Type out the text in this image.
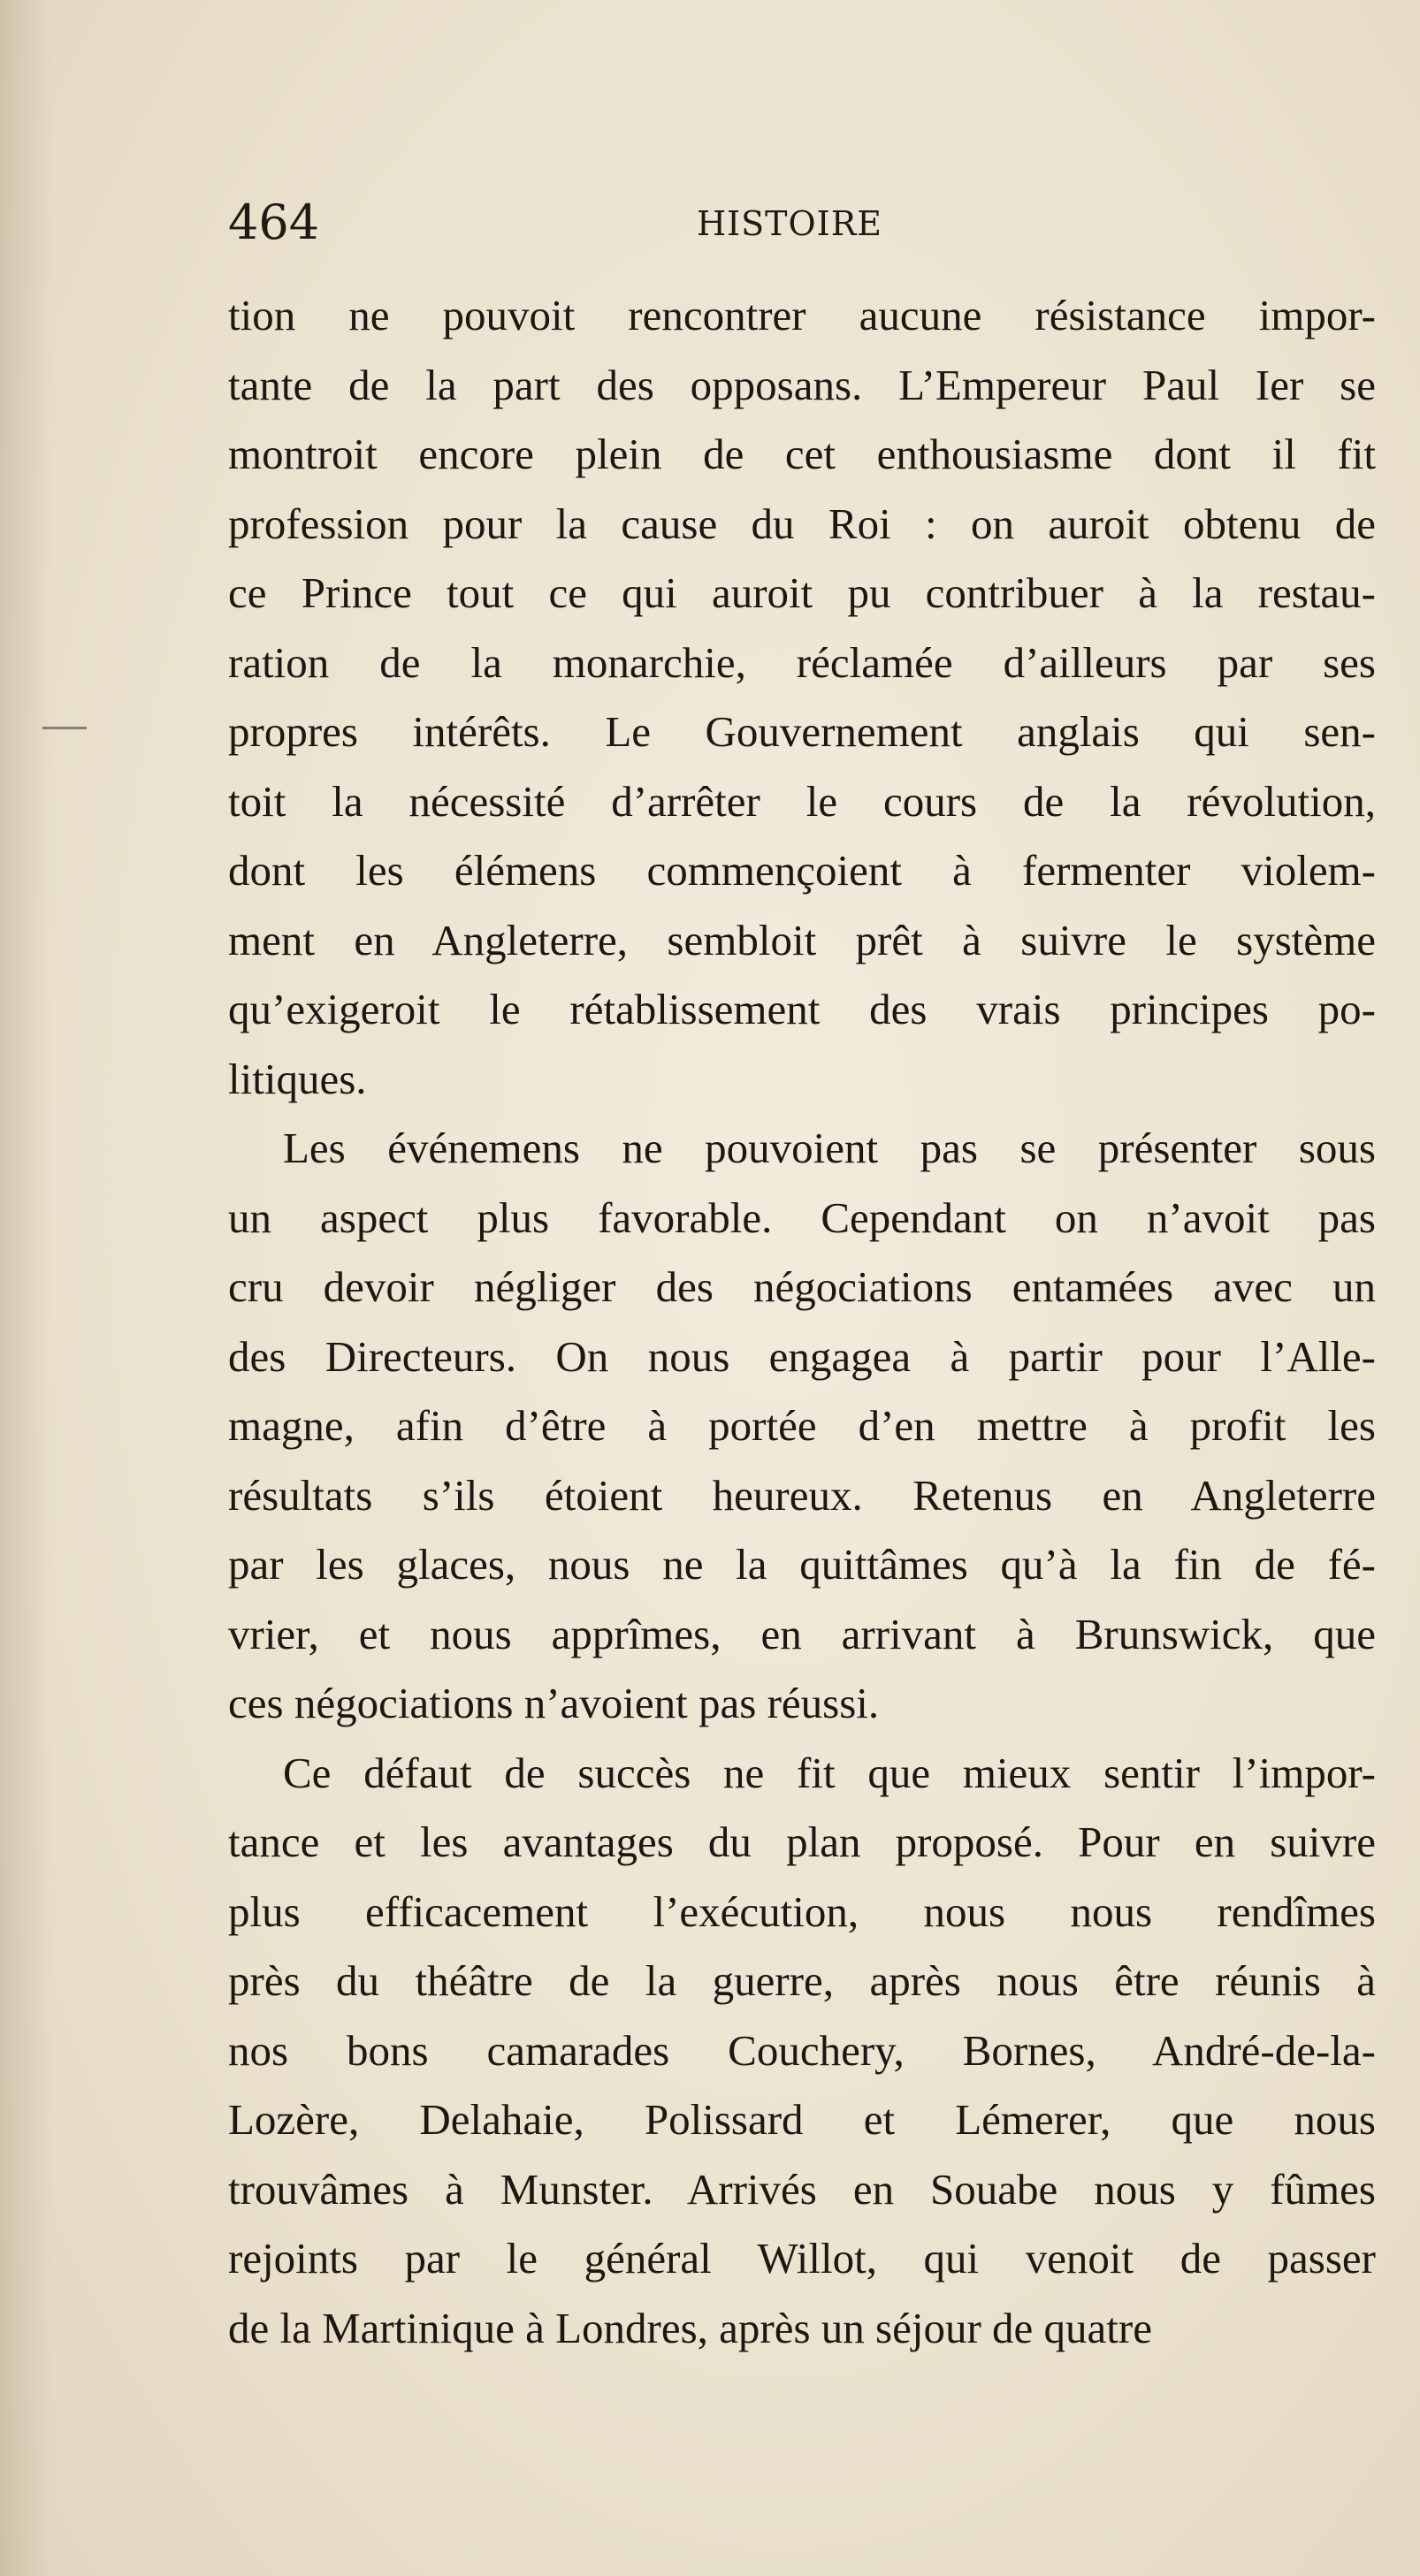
464	HISTOIRE
tion ne pouvoit rencontrer aucune résistance impor-
tante de la part des opposans. L’Empereur Paul Ier se
montroit encore plein de cet enthousiasme dont il fit
profession pour la cause du Roi : on auroit obtenu de
ce Prince tout ce qui auroit pu contribuer à la restau-
ration de la monarchie, réclamée d’ailleurs par ses
propres intérêts. Le Gouvernement anglais qui sen-
toit la nécessité d’arrêter le cours de la révolution,
dont les élémens commençoient à fermenter violem-
ment en Angleterre, sembloit prêt à suivre le système
qu’exigeroit le rétablissement des vrais principes po-
litiques.
Les événemens ne pouvoient pas se présenter sous
un aspect plus favorable. Cependant on n’avoit pas
cru devoir négliger des négociations entamées avec un
des Directeurs. On nous engagea à partir pour l’Alle-
magne, afin d’être à portée d’en mettre à profit les
résultats s’ils étoient heureux. Retenus en Angleterre
par les glaces, nous ne la quittâmes qu’à la fin de fé-
vrier, et nous apprîmes, en arrivant à Brunswick, que
ces négociations n’avoient pas réussi.
Ce défaut de succès ne fit que mieux sentir l’impor-
tance et les avantages du plan proposé. Pour en suivre
plus efficacement l’exécution, nous nous rendîmes
près du théâtre de la guerre, après nous être réunis à
nos bons camarades Couchery, Bornes, André-de-la-
Lozère, Delahaie, Polissard et Lémerer, que nous
trouvâmes à Munster. Arrivés en Souabe nous y fûmes
rejoints par le général Willot, qui venoit de passer
de la Martinique à Londres, après un séjour de quatre
